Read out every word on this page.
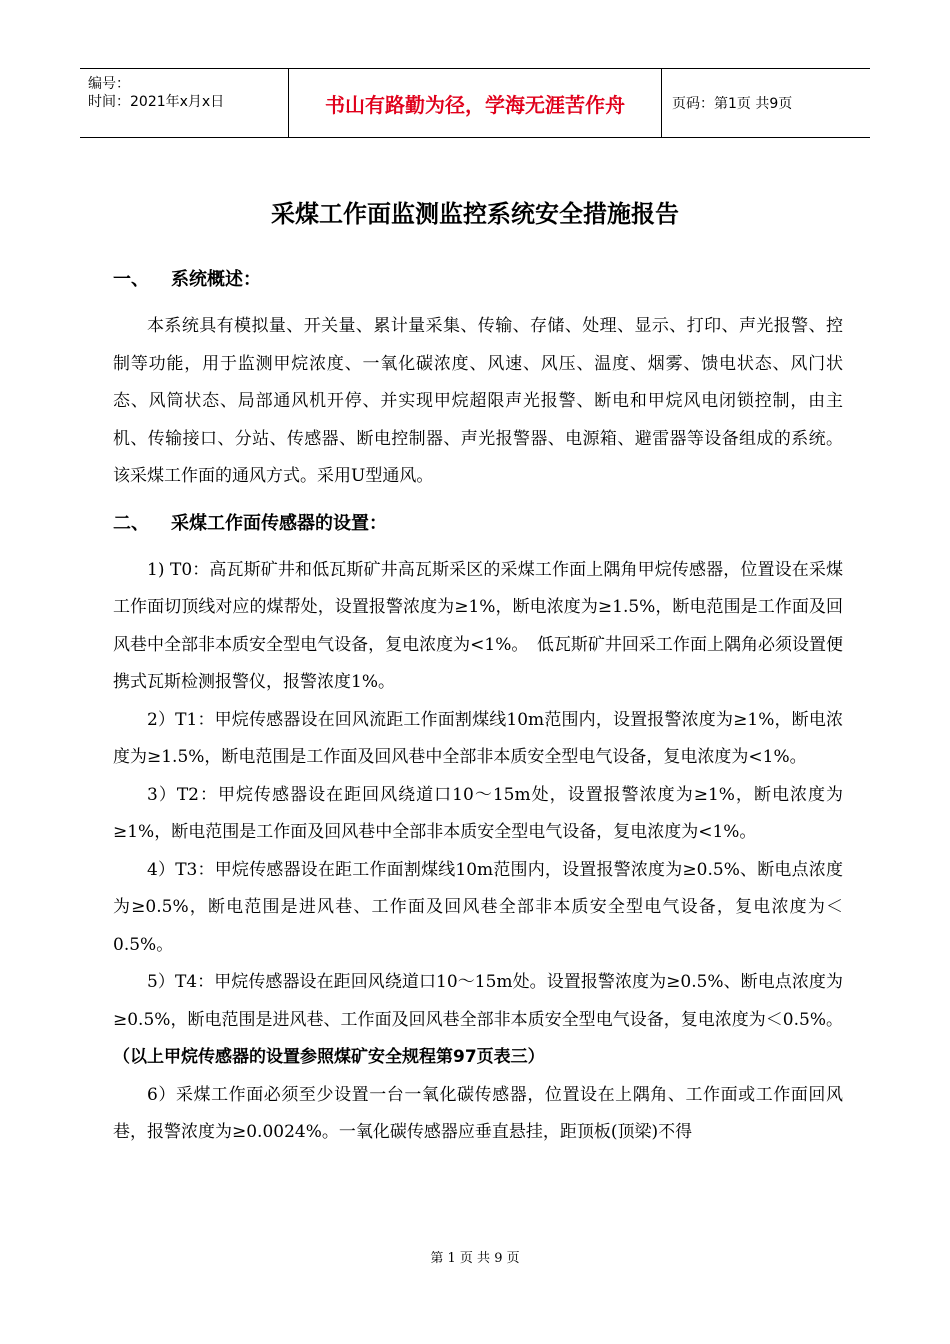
编号：
时间：2021年x月x日	书山有路勤为径，学海无涯苦作舟	页码：第1页 共9页
采煤工作面监测监控系统安全措施报告
一、 系统概述：

本系统具有模拟量、开关量、累计量采集、传输、存储、处理、显示、打印、声光报警、控制等功能，用于监测甲烷浓度、一氧化碳浓度、风速、风压、温度、烟雾、馈电状态、风门状态、风筒状态、局部通风机开停、并实现甲烷超限声光报警、断电和甲烷风电闭锁控制，由主机、传输接口、分站、传感器、断电控制器、声光报警器、电源箱、避雷器等设备组成的系统。该采煤工作面的通风方式。采用U型通风。

二、 采煤工作面传感器的设置：

1) T0：高瓦斯矿井和低瓦斯矿井高瓦斯采区的采煤工作面上隅角甲烷传感器，位置设在采煤工作面切顶线对应的煤帮处，设置报警浓度为≥1%，断电浓度为≥1.5%，断电范围是工作面及回风巷中全部非本质安全型电气设备，复电浓度为<1%。　低瓦斯矿井回采工作面上隅角必须设置便携式瓦斯检测报警仪，报警浓度1%。

2）T1：甲烷传感器设在回风流距工作面割煤线10m范围内，设置报警浓度为≥1%，断电浓度为≥1.5%，断电范围是工作面及回风巷中全部非本质安全型电气设备，复电浓度为<1%。

3）T2：甲烷传感器设在距回风绕道口10～15m处，设置报警浓度为≥1%，断电浓度为≥1%，断电范围是工作面及回风巷中全部非本质安全型电气设备，复电浓度为<1%。

4）T3：甲烷传感器设在距工作面割煤线10m范围内，设置报警浓度为≥0.5%、断电点浓度为≥0.5%，断电范围是进风巷、工作面及回风巷全部非本质安全型电气设备，复电浓度为＜0.5%。

5）T4：甲烷传感器设在距回风绕道口10～15m处。设置报警浓度为≥0.5%、断电点浓度为≥0.5%，断电范围是进风巷、工作面及回风巷全部非本质安全型电气设备，复电浓度为＜0.5%。（以上甲烷传感器的设置参照煤矿安全规程第97页表三）

6）采煤工作面必须至少设置一台一氧化碳传感器，位置设在上隅角、工作面或工作面回风巷，报警浓度为≥0.0024%。一氧化碳传感器应垂直悬挂，距顶板(顶梁)不得

第 1 页 共 9 页
